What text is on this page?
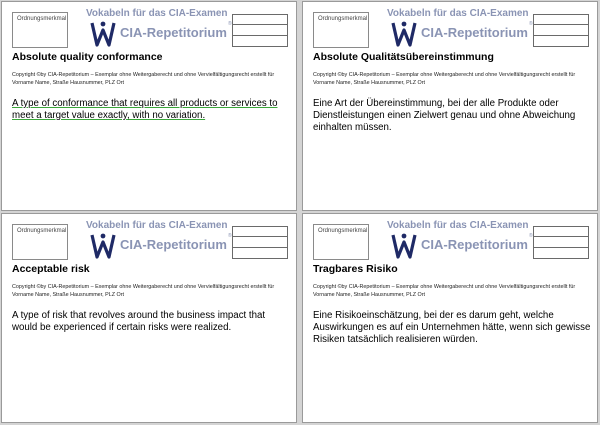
Ordnungsmerkmal Vokabeln für das CIA-Examen
CIA-Repetitorium
®
Absolute quality conformance
Copyright ©by CIA-Repetitorium – Exemplar ohne Weitergaberecht und ohne Vervielfältigungsrecht erstellt für Vorname Name, Straße Hausnummer, PLZ Ort
A type of conformance that requires all products or services to meet a target value exactly, with no variation.
Ordnungsmerkmal Vokabeln für das CIA-Examen
CIA-Repetitorium
®
Absolute Qualitätsübereinstimmung
Copyright ©by CIA-Repetitorium – Exemplar ohne Weitergaberecht und ohne Vervielfältigungsrecht erstellt für Vorname Name, Straße Hausnummer, PLZ Ort
Eine Art der Übereinstimmung, bei der alle Produkte oder Dienstleistungen einen Zielwert genau und ohne Abweichung einhalten müssen.
Ordnungsmerkmal Vokabeln für das CIA-Examen
CIA-Repetitorium
®
Acceptable risk
Copyright ©by CIA-Repetitorium – Exemplar ohne Weitergaberecht und ohne Vervielfältigungsrecht erstellt für Vorname Name, Straße Hausnummer, PLZ Ort
A type of risk that revolves around the business impact that would be experienced if certain risks were realized.
Ordnungsmerkmal Vokabeln für das CIA-Examen
CIA-Repetitorium
®
Tragbares Risiko
Copyright ©by CIA-Repetitorium – Exemplar ohne Weitergaberecht und ohne Vervielfältigungsrecht erstellt für Vorname Name, Straße Hausnummer, PLZ Ort
Eine Risikoeinschätzung, bei der es darum geht, welche Auswirkungen es auf ein Unternehmen hätte, wenn sich gewisse Risiken tatsächlich realisieren würden.
